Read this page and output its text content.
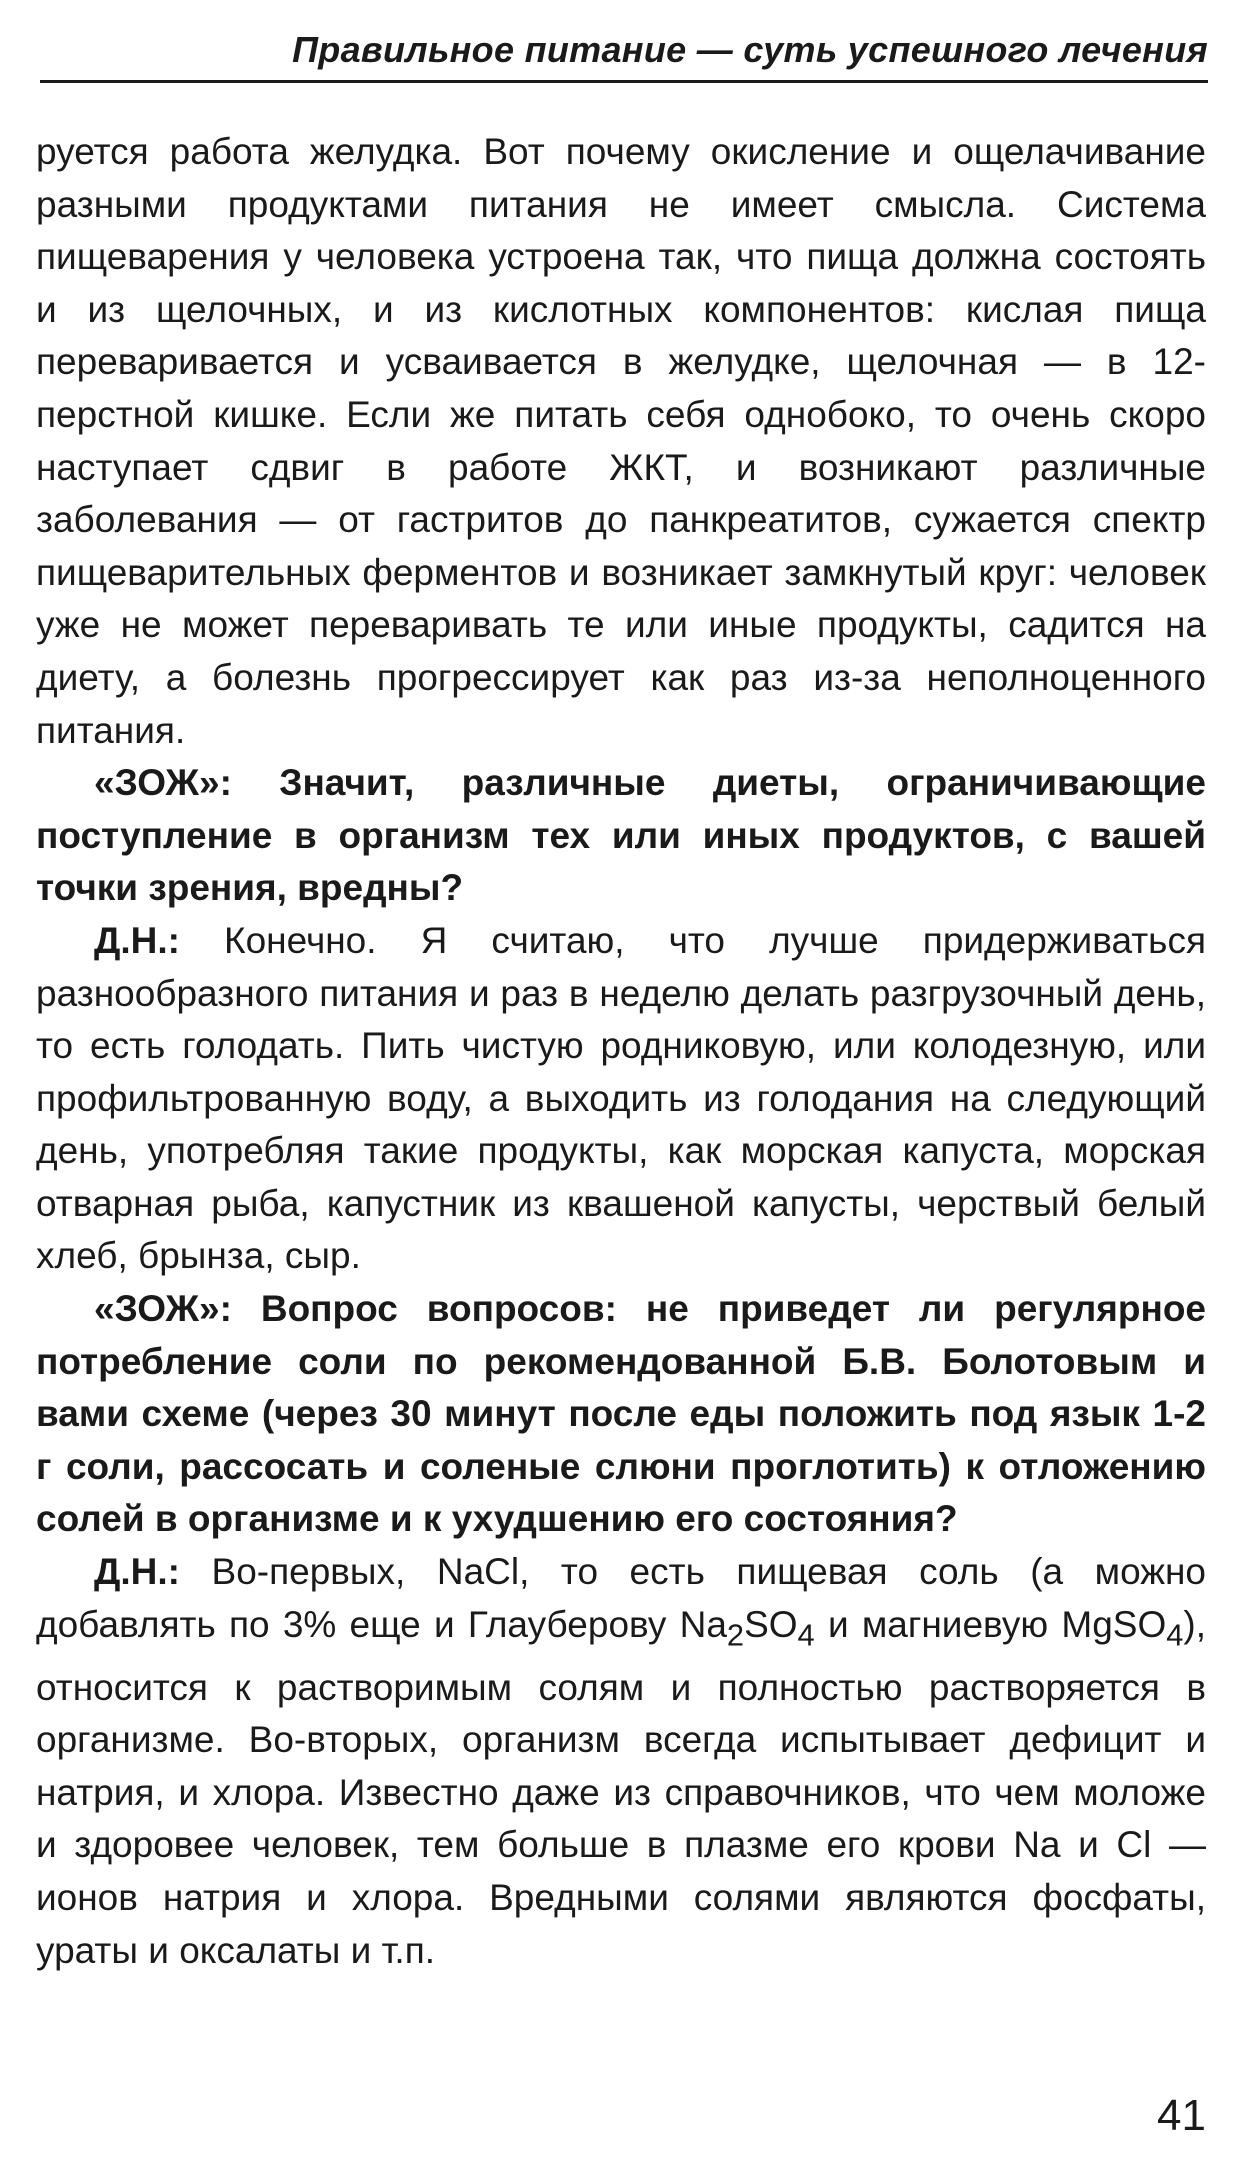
Правильное питание — суть успешного лечения

руется работа желудка. Вот почему окисление и ощелачивание разными продуктами питания не имеет смысла. Система пищеварения у человека устроена так, что пища должна состоять и из щелочных, и из кислотных компонентов: кислая пища переваривается и усваивается в желудке, щелочная — в 12-перстной кишке. Если же питать себя однобоко, то очень скоро наступает сдвиг в работе ЖКТ, и возникают различные заболевания — от гастритов до панкреатитов, сужается спектр пищеварительных ферментов и возникает замкнутый круг: человек уже не может переваривать те или иные продукты, садится на диету, а болезнь прогрессирует как раз из-за неполноценного питания.

«ЗОЖ»: Значит, различные диеты, ограничивающие поступление в организм тех или иных продуктов, с вашей точки зрения, вредны?

Д.Н.: Конечно. Я считаю, что лучше придерживаться разнообразного питания и раз в неделю делать разгрузочный день, то есть голодать. Пить чистую родниковую, или колодезную, или профильтрованную воду, а выходить из голодания на следующий день, употребляя такие продукты, как морская капуста, морская отварная рыба, капустник из квашеной капусты, черствый белый хлеб, брынза, сыр.

«ЗОЖ»: Вопрос вопросов: не приведет ли регулярное потребление соли по рекомендованной Б.В. Болотовым и вами схеме (через 30 минут после еды положить под язык 1-2 г соли, рассосать и соленые слюни проглотить) к отложению солей в организме и к ухудшению его состояния?

Д.Н.: Во-первых, NaCl, то есть пищевая соль (а можно добавлять по 3% еще и Глауберову $Na_2SO_4$ и магниевую MgSO$_4$), относится к растворимым солям и полностью растворяется в организме. Во-вторых, организм всегда испытывает дефицит и натрия, и хлора. Известно даже из справочников, что чем моложе и здоровее человек, тем больше в плазме его крови Na и Cl — ионов натрия и хлора. Вредными солями являются фосфаты, ураты и оксалаты и т.п.

41
